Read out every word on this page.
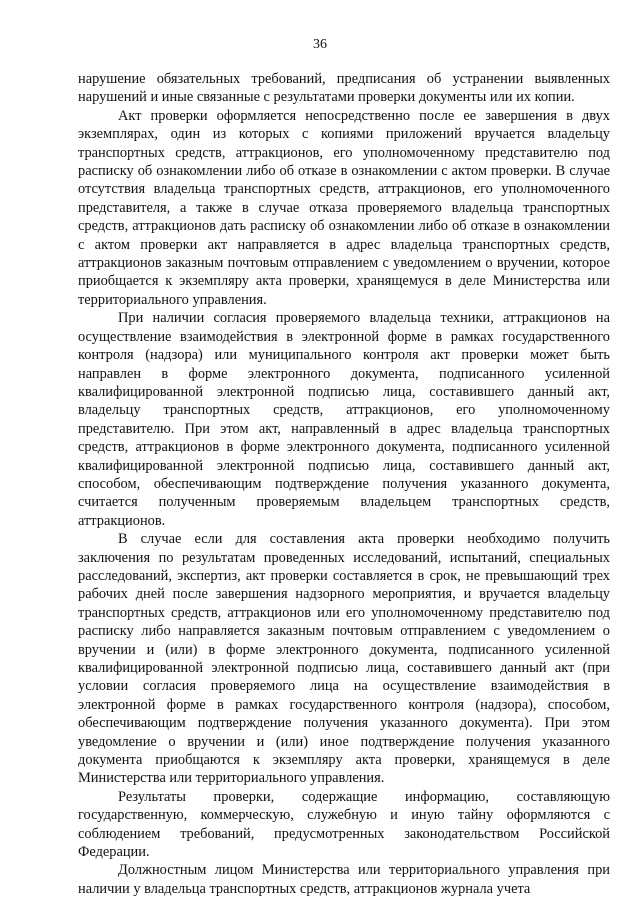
36

нарушение обязательных требований, предписания об устранении выявленных нарушений и иные связанные с результатами проверки документы или их копии.

Акт проверки оформляется непосредственно после ее завершения в двух экземплярах, один из которых с копиями приложений вручается владельцу транспортных средств, аттракционов, его уполномоченному представителю под расписку об ознакомлении либо об отказе в ознакомлении с актом проверки. В случае отсутствия владельца транспортных средств, аттракционов, его уполномоченного представителя, а также в случае отказа проверяемого владельца транспортных средств, аттракционов дать расписку об ознакомлении либо об отказе в ознакомлении с актом проверки акт направляется в адрес владельца транспортных средств, аттракционов заказным почтовым отправлением с уведомлением о вручении, которое приобщается к экземпляру акта проверки, хранящемуся в деле Министерства или территориального управления.

При наличии согласия проверяемого владельца техники, аттракционов на осуществление взаимодействия в электронной форме в рамках государственного контроля (надзора) или муниципального контроля акт проверки может быть направлен в форме электронного документа, подписанного усиленной квалифицированной электронной подписью лица, составившего данный акт, владельцу транспортных средств, аттракционов, его уполномоченному представителю. При этом акт, направленный в адрес владельца транспортных средств, аттракционов в форме электронного документа, подписанного усиленной квалифицированной электронной подписью лица, составившего данный акт, способом, обеспечивающим подтверждение получения указанного документа, считается полученным проверяемым владельцем транспортных средств, аттракционов.

В случае если для составления акта проверки необходимо получить заключения по результатам проведенных исследований, испытаний, специальных расследований, экспертиз, акт проверки составляется в срок, не превышающий трех рабочих дней после завершения надзорного мероприятия, и вручается владельцу транспортных средств, аттракционов или его уполномоченному представителю под расписку либо направляется заказным почтовым отправлением с уведомлением о вручении и (или) в форме электронного документа, подписанного усиленной квалифицированной электронной подписью лица, составившего данный акт (при условии согласия проверяемого лица на осуществление взаимодействия в электронной форме в рамках государственного контроля (надзора), способом, обеспечивающим подтверждение получения указанного документа). При этом уведомление о вручении и (или) иное подтверждение получения указанного документа приобщаются к экземпляру акта проверки, хранящемуся в деле Министерства или территориального управления.

Результаты проверки, содержащие информацию, составляющую государственную, коммерческую, служебную и иную тайну оформляются с соблюдением требований, предусмотренных законодательством Российской Федерации.

Должностным лицом Министерства или территориального управления при наличии у владельца транспортных средств, аттракционов журнала учета
